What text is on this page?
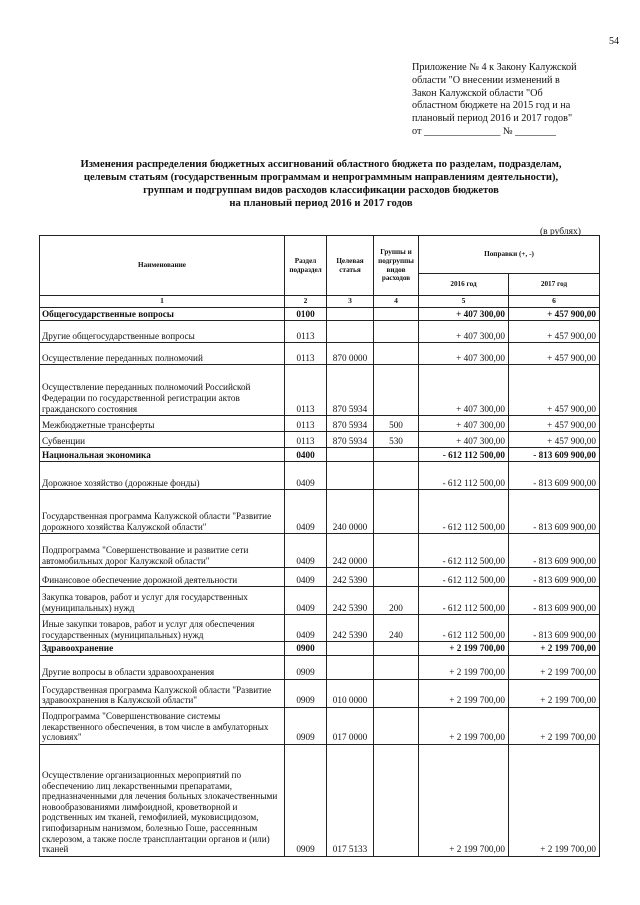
54
Приложение № 4 к Закону Калужской
области "О внесении изменений в
Закон Калужской области "Об
областном бюджете на 2015 год и на
плановый период 2016 и 2017 годов"
от _______________ № ________
Изменения распределения бюджетных ассигнований областного бюджета по разделам, подразделам,
целевым статьям (государственным программам и непрограммным направлениям деятельности),
группам и подгруппам видов расходов классификации расходов бюджетов
на плановый период 2016 и 2017 годов
(в рублях)
Наименование	Раздел подраздел	Целевая статья	Группы и подгруппы видов расходов	Поправки (+, -)	
				2016 год	2017 год
1	2	3	4	5	6
Общегосударственные вопросы	0100			+ 407 300,00	+ 457 900,00
Другие общегосударственные вопросы	0113			+ 407 300,00	+ 457 900,00
Осуществление переданных полномочий	0113	870 0000		+ 407 300,00	+ 457 900,00
Осуществление переданных полномочий Российской Федерации по государственной регистрации актов гражданского состояния	0113	870 5934		+ 407 300,00	+ 457 900,00
Межбюджетные трансферты	0113	870 5934	500	+ 407 300,00	+ 457 900,00
Субвенции	0113	870 5934	530	+ 407 300,00	+ 457 900,00
Национальная экономика	0400			- 612 112 500,00	- 813 609 900,00
Дорожное хозяйство (дорожные фонды)	0409			- 612 112 500,00	- 813 609 900,00
Государственная программа Калужской области "Развитие дорожного хозяйства Калужской области"	0409	240 0000		- 612 112 500,00	- 813 609 900,00
Подпрограмма "Совершенствование и развитие сети автомобильных дорог Калужской области"	0409	242 0000		- 612 112 500,00	- 813 609 900,00
Финансовое обеспечение дорожной деятельности	0409	242 5390		- 612 112 500,00	- 813 609 900,00
Закупка товаров, работ и услуг для государственных (муниципальных) нужд	0409	242 5390	200	- 612 112 500,00	- 813 609 900,00
Иные закупки товаров, работ и услуг для обеспечения государственных (муниципальных) нужд	0409	242 5390	240	- 612 112 500,00	- 813 609 900,00
Здравоохранение	0900			+ 2 199 700,00	+ 2 199 700,00
Другие вопросы в области здравоохранения	0909			+ 2 199 700,00	+ 2 199 700,00
Государственная программа Калужской области "Развитие здравоохранения в Калужской области"	0909	010 0000		+ 2 199 700,00	+ 2 199 700,00
Подпрограмма "Совершенствование системы лекарственного обеспечения, в том числе в амбулаторных условиях"	0909	017 0000		+ 2 199 700,00	+ 2 199 700,00
Осуществление организационных мероприятий по обеспечению лиц лекарственными препаратами, предназначенными для лечения больных злокачественными новообразованиями лимфоидной, кроветворной и родственных им тканей, гемофилией, муковисцидозом, гипофизарным нанизмом, болезнью Гоше, рассеянным склерозом, а также после трансплантации органов и (или) тканей	0909	017 5133		+ 2 199 700,00	+ 2 199 700,00
